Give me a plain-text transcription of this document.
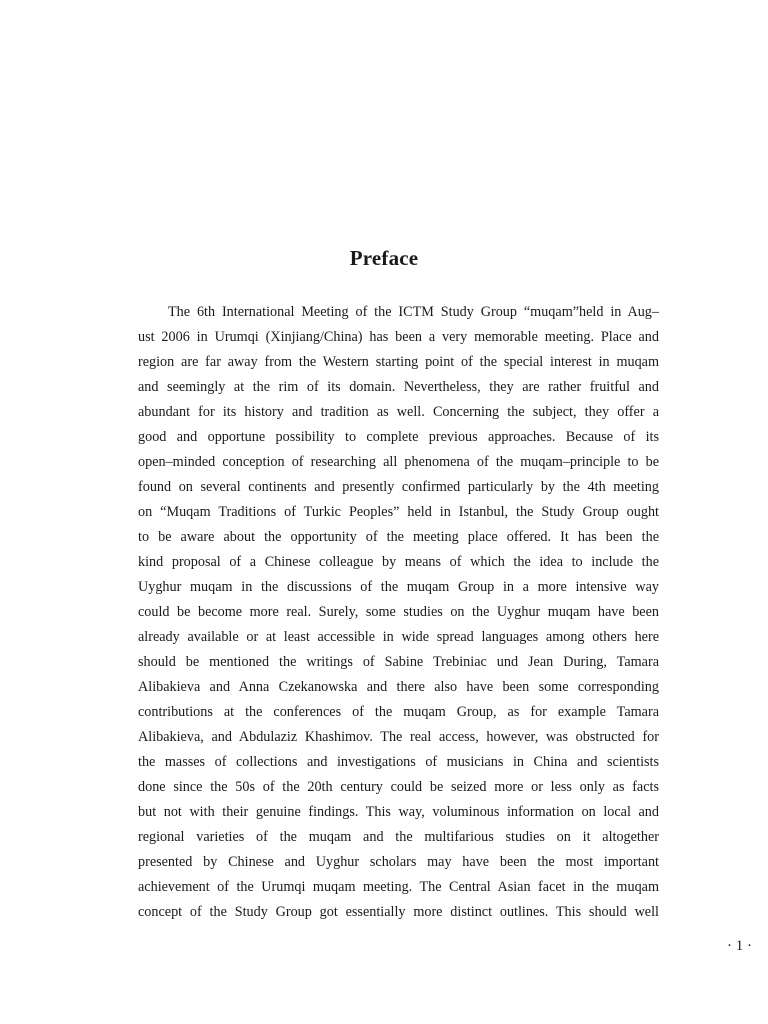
Preface
The 6th International Meeting of the ICTM Study Group “muqam”held in Aug–
ust 2006 in Urumqi (Xinjiang/China) has been a very memorable meeting. Place and
region are far away from the Western starting point of the special interest in muqam
and seemingly at the rim of its domain. Nevertheless, they are rather fruitful and
abundant for its history and tradition as well. Concerning the subject, they offer a
good and opportune possibility to complete previous approaches. Because of its
open–minded conception of researching all phenomena of the muqam–principle to be
found on several continents and presently confirmed particularly by the 4th meeting
on “Muqam Traditions of Turkic Peoples” held in Istanbul, the Study Group ought
to be aware about the opportunity of the meeting place offered. It has been the
kind proposal of a Chinese colleague by means of which the idea to include the
Uyghur muqam in the discussions of the muqam Group in a more intensive way
could be become more real. Surely, some studies on the Uyghur muqam have been
already available or at least accessible in wide spread languages among others here
should be mentioned the writings of Sabine Trebiniac und Jean During, Tamara
Alibakieva and Anna Czekanowska and there also have been some corresponding
contributions at the conferences of the muqam Group, as for example Tamara
Alibakieva, and Abdulaziz Khashimov. The real access, however, was obstructed for
the masses of collections and investigations of musicians in China and scientists
done since the 50s of the 20th century could be seized more or less only as facts
but not with their genuine findings. This way, voluminous information on local and
regional varieties of the muqam and the multifarious studies on it altogether
presented by Chinese and Uyghur scholars may have been the most important
achievement of the Urumqi muqam meeting. The Central Asian facet in the muqam
concept of the Study Group got essentially more distinct outlines. This should well
· 1 ·
